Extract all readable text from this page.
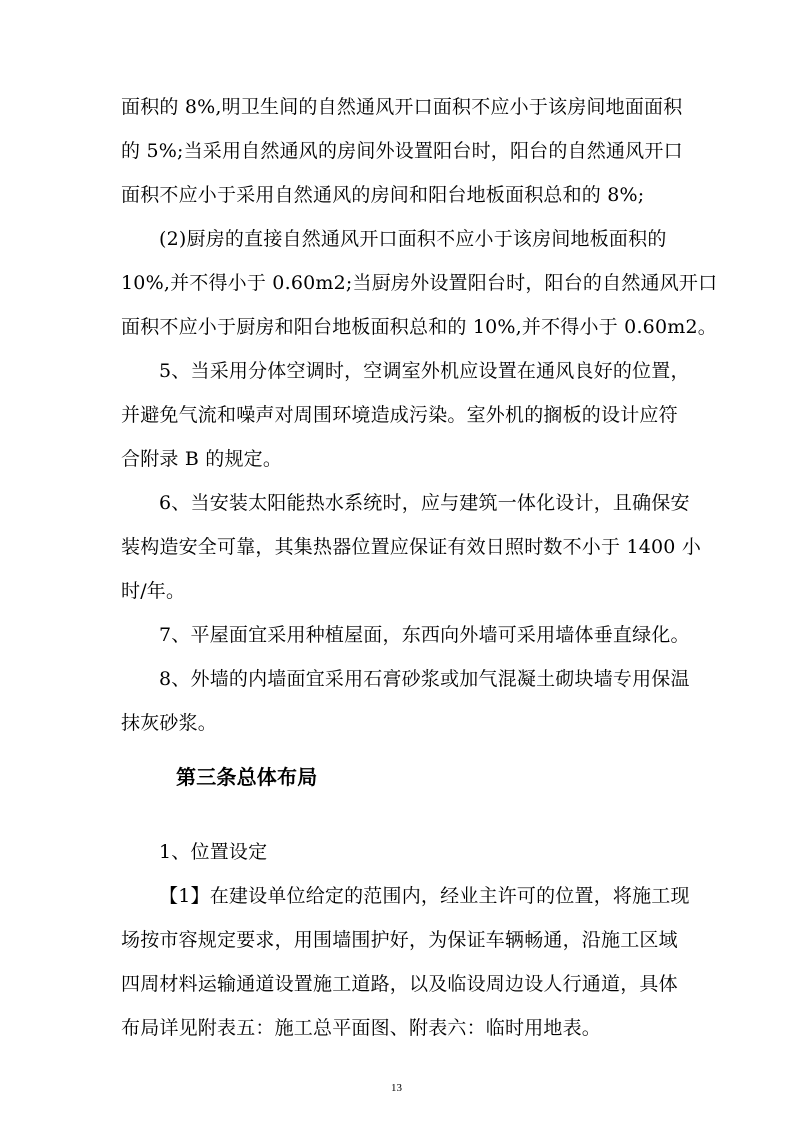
面积的 8%,明卫生间的自然通风开口面积不应小于该房间地面面积
的 5%;当采用自然通风的房间外设置阳台时，阳台的自然通风开口
面积不应小于采用自然通风的房间和阳台地板面积总和的 8%;
(2)厨房的直接自然通风开口面积不应小于该房间地板面积的
10%,并不得小于 0.60m2;当厨房外设置阳台时，阳台的自然通风开口
面积不应小于厨房和阳台地板面积总和的 10%,并不得小于 0.60m2。
5、当采用分体空调时，空调室外机应设置在通风良好的位置，
并避免气流和噪声对周围环境造成污染。室外机的搁板的设计应符
合附录 B 的规定。
6、当安装太阳能热水系统时，应与建筑一体化设计，且确保安
装构造安全可靠，其集热器位置应保证有效日照时数不小于 1400 小
时/年。
7、平屋面宜采用种植屋面，东西向外墙可采用墙体垂直绿化。
8、外墙的内墙面宜采用石膏砂浆或加气混凝土砌块墙专用保温
抹灰砂浆。
第三条总体布局
1、位置设定
【1】在建设单位给定的范围内，经业主许可的位置，将施工现
场按市容规定要求，用围墙围护好，为保证车辆畅通，沿施工区域
四周材料运输通道设置施工道路，以及临设周边设人行通道，具体
布局详见附表五：施工总平面图、附表六：临时用地表。
13
